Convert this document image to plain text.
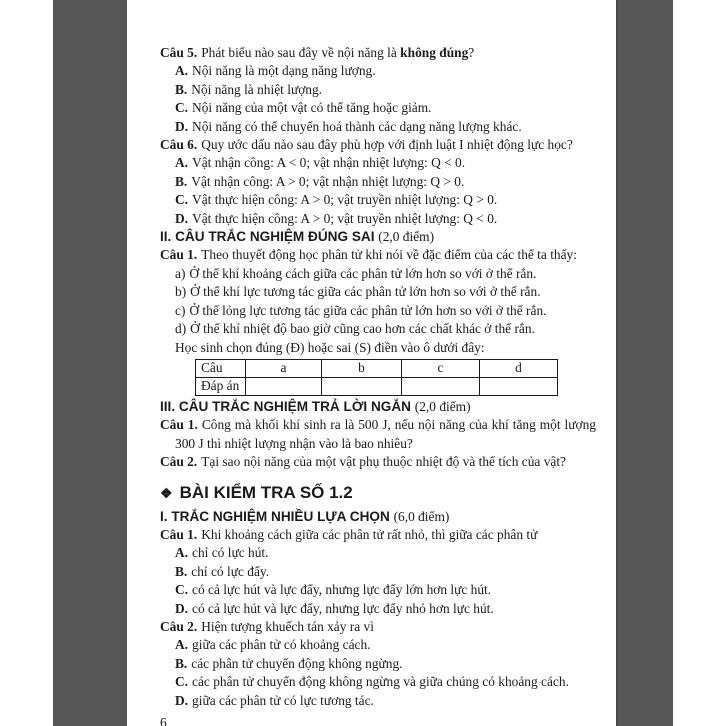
Câu 5. Phát biểu nào sau đây về nội năng là không đúng?
A. Nội năng là một dạng năng lượng.
B. Nội năng là nhiệt lượng.
C. Nội năng của một vật có thể tăng hoặc giảm.
D. Nội năng có thể chuyển hoá thành các dạng năng lượng khác.
Câu 6. Quy ước dấu nào sau đây phù hợp với định luật I nhiệt động lực học?
A. Vật nhận công: A < 0; vật nhận nhiệt lượng: Q < 0.
B. Vật nhận công: A > 0; vật nhận nhiệt lượng: Q > 0.
C. Vật thực hiện công: A > 0; vật truyền nhiệt lượng: Q > 0.
D. Vật thực hiện công: A > 0; vật truyền nhiệt lượng: Q < 0.
II. CÂU TRẮC NGHIỆM ĐÚNG SAI (2,0 điểm)
Câu 1. Theo thuyết động học phân tử khi nói về đặc điểm của các thể ta thấy:
a) Ở thể khí khoảng cách giữa các phân tử lớn hơn so với ở thể rắn.
b) Ở thể khí lực tương tác giữa các phân tử lớn hơn so với ở thể rắn.
c) Ở thể lỏng lực tương tác giữa các phân tử lớn hơn so với ở thể rắn.
d) Ở thể khí nhiệt độ bao giờ cũng cao hơn các chất khác ở thể rắn.
Học sinh chọn đúng (Đ) hoặc sai (S) điền vào ô dưới đây:
Câu	a	b	c	d
Đáp án				
III. CÂU TRẮC NGHIỆM TRẢ LỜI NGẮN (2,0 điểm)
Câu 1. Công mà khối khí sinh ra là 500 J, nếu nội năng của khí tăng một lượng 300 J thì nhiệt lượng nhận vào là bao nhiêu?
Câu 2. Tại sao nội năng của một vật phụ thuộc nhiệt độ và thể tích của vật?
❖ BÀI KIỂM TRA SỐ 1.2
I. TRẮC NGHIỆM NHIỀU LỰA CHỌN (6,0 điểm)
Câu 1. Khi khoảng cách giữa các phân tử rất nhỏ, thì giữa các phân tử
A. chỉ có lực hút.
B. chỉ có lực đẩy.
C. có cả lực hút và lực đẩy, nhưng lực đẩy lớn hơn lực hút.
D. có cả lực hút và lực đẩy, nhưng lực đẩy nhỏ hơn lực hút.
Câu 2. Hiện tượng khuếch tán xảy ra vì
A. giữa các phân tử có khoảng cách.
B. các phân tử chuyển động không ngừng.
C. các phân tử chuyển động không ngừng và giữa chúng có khoảng cách.
D. giữa các phân tử có lực tương tác.
6
